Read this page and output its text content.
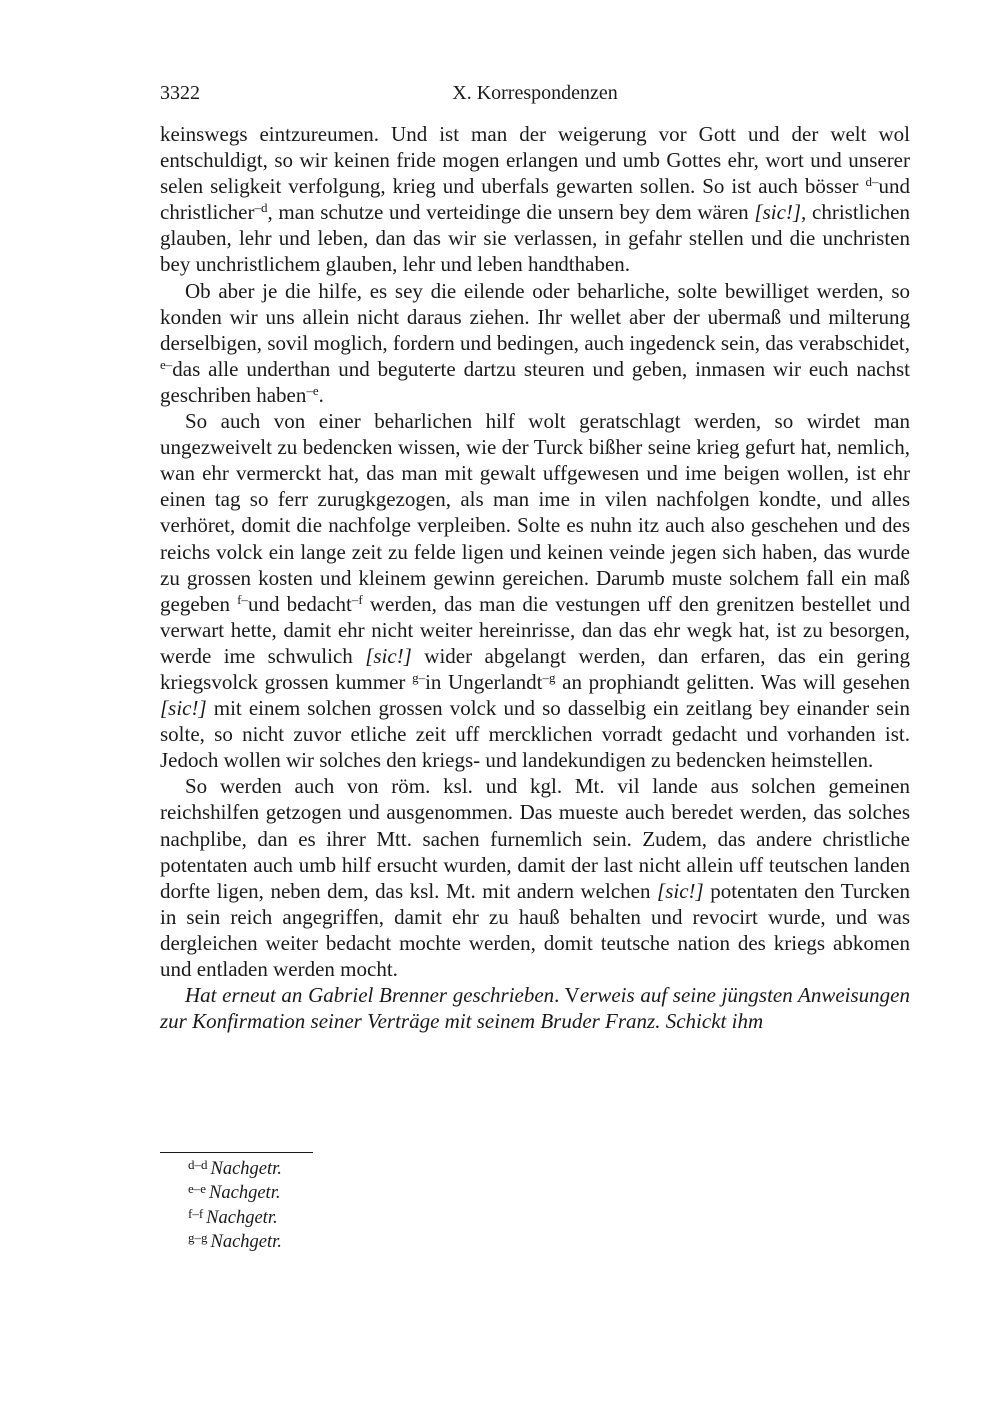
3322	X. Korrespondenzen

keinswegs eintzureumen. Und ist man der weigerung vor Gott und der welt wol entschuldigt, so wir keinen fride mogen erlangen und umb Gottes ehr, wort und unserer selen seligkeit verfolgung, krieg und uberfals gewarten sollen. So ist auch bösser $^{d-}$und christlicher$^{-d}$, man schutze und verteidinge die unsern bey dem wären [sic!], christlichen glauben, lehr und leben, dan das wir sie verlassen, in gefahr stellen und die unchristen bey unchristlichem glauben, lehr und leben handthaben.

Ob aber je die hilfe, es sey die eilende oder beharliche, solte bewilliget werden, so konden wir uns allein nicht daraus ziehen. Ihr wellet aber der ubermaß und milterung derselbigen, sovil moglich, fordern und bedingen, auch ingedenck sein, das verabschidet, $^{e-}$das alle underthan und beguterte dartzu steuren und geben, inmasen wir euch nachst geschriben haben$^{-e}$.

So auch von einer beharlichen hilf wolt geratschlagt werden, so wirdet man ungezweivelt zu bedencken wissen, wie der Turck bißher seine krieg gefurt hat, nemlich, wan ehr vermerckt hat, das man mit gewalt uffgewesen und ime beigen wollen, ist ehr einen tag so ferr zurugkgezogen, als man ime in vilen nachfolgen kondte, und alles verhöret, domit die nachfolge verpleiben. Solte es nuhn itz auch also geschehen und des reichs volck ein lange zeit zu felde ligen und keinen veinde jegen sich haben, das wurde zu grossen kosten und kleinem gewinn gereichen. Darumb muste solchem fall ein maß gegeben $^{f-}$und bedacht$^{-f}$ werden, das man die vestungen uff den grenitzen bestellet und verwart hette, damit ehr nicht weiter hereinrisse, dan das ehr wegk hat, ist zu besorgen, werde ime schwulich [sic!] wider abgelangt werden, dan erfaren, das ein gering kriegsvolck grossen kummer $^{g-}$in Ungerlandt$^{-g}$ an prophiandt gelitten. Was will gesehen [sic!] mit einem solchen grossen volck und so dasselbig ein zeitlang bey einander sein solte, so nicht zuvor etliche zeit uff mercklichen vorradt gedacht und vorhanden ist. Jedoch wollen wir solches den kriegs- und landekundigen zu bedencken heimstellen.

So werden auch von röm. ksl. und kgl. Mt. vil lande aus solchen gemeinen reichshilfen getzogen und ausgenommen. Das mueste auch beredet werden, das solches nachplibe, dan es ihrer Mtt. sachen furnemlich sein. Zudem, das andere christliche potentaten auch umb hilf ersucht wurden, damit der last nicht allein uff teutschen landen dorfte ligen, neben dem, das ksl. Mt. mit andern welchen [sic!] potentaten den Turcken in sein reich angegriffen, damit ehr zu hauß behalten und revocirt wurde, und was dergleichen weiter bedacht mochte werden, domit teutsche nation des kriegs abkomen und entladen werden mocht.

Hat erneut an Gabriel Brenner geschrieben. Verweis auf seine jüngsten Anweisungen zur Konfirmation seiner Verträge mit seinem Bruder Franz. Schickt ihm

$^{d-d}$ Nachgetr.
$^{e-e}$ Nachgetr.
$^{f-f}$ Nachgetr.
$^{g-g}$ Nachgetr.
